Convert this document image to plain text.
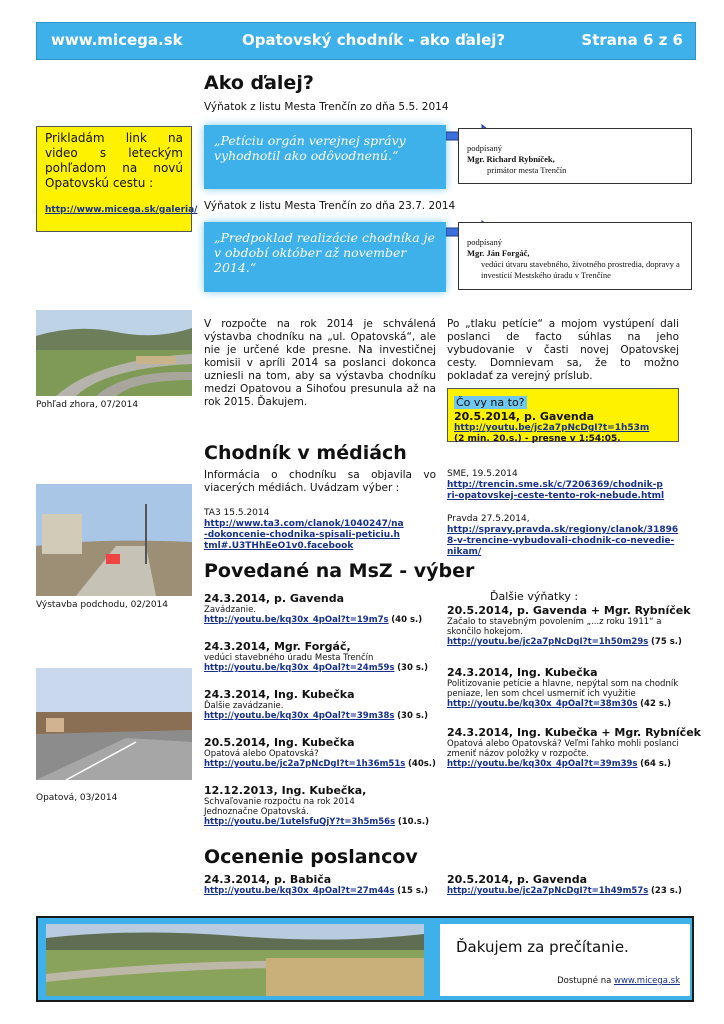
www.micega.sk	Opatovský chodník - ako ďalej?	Strana 6 z 6
Ako ďalej?
Výňatok z listu Mesta Trenčín zo dňa 5.5. 2014
Prikladám link na video s leteckým pohľadom na novú Opatovskú cestu :
http://www.micega.sk/galeria/
„Petíciu orgán verejnej správy vyhodnotil ako odôvodnenú.“	podpísaný
Mgr. Richard Rybníček,
primátor mesta Trenčín
Výňatok z listu Mesta Trenčín zo dňa 23.7. 2014
„Predpoklad realizácie chodníka je v období október až november 2014.“
podpísaný
Mgr. Ján Forgáč,
vedúci útvaru stavebného, životného prostredia, dopravy a investícií Mestského úradu v Trenčíne
Pohľad zhora, 07/2014
V rozpočte na rok 2014 je schválená výstavba chodníku na „ul. Opatovská“, ale nie je určené kde presne. Na investičnej komisii v apríli 2014 sa poslanci dokonca uzniesli na tom, aby sa výstavba chodníku medzi Opatovou a Sihoťou presunula až na rok 2015. Ďakujem.
Po „tlaku petície“ a mojom vystúpení dali poslanci de facto súhlas na jeho vybudovanie v časti novej Opatovskej cesty. Domnievam sa, že to možno pokladať za verejný príslub.
Čo vy na to?
20.5.2014, p. Gavenda
http://youtu.be/jc2a7pNcDgI?t=1h53m
(2 min. 20.s.) - presne v 1:54:05.
Chodník v médiách
Informácia o chodníku sa objavila vo viacerých médiách. Uvádzam výber :
TA3 15.5.2014
http://www.ta3.com/clanok/1040247/na-dokoncenie-chodnika-spisali-peticiu.html#.U3THhEeO1v0.facebook
SME, 19.5.2014
http://trencin.sme.sk/c/7206369/chodnik-pri-opatovskej-ceste-tento-rok-nebude.html
Pravda 27.5.2014,
http://spravy.pravda.sk/regiony/clanok/318968-v-trencine-vybudovali-chodnik-co-nevedie-nikam/
Výstavba podchodu, 02/2014
Povedané na MsZ - výber
24.3.2014, p. Gavenda
Zavádzanie.
http://youtu.be/kq30x_4pOal?t=19m7s (40 s.)
24.3.2014, Mgr. Forgáč,
vedúci stavebného úradu Mesta Trenčín
http://youtu.be/kq30x_4pOal?t=24m59s (30 s.)
24.3.2014, Ing. Kubečka
Ďalšie zavádzanie.
http://youtu.be/kq30x_4pOal?t=39m38s (30 s.)
20.5.2014, Ing. Kubečka
Opatová alebo Opatovská?
http://youtu.be/jc2a7pNcDgI?t=1h36m51s (40s.)
12.12.2013, Ing. Kubečka,
Schvaľovanie rozpočtu na rok 2014 Jednoznačne Opatovská.
http://youtu.be/1utelsfuQjY?t=3h5m56s (10.s.)
Ďalšie výňatky :
20.5.2014, p. Gavenda + Mgr. Rybníček
Začalo to stavebným povolením „...z roku 1911“ a skončilo hokejom.
http://youtu.be/jc2a7pNcDgI?t=1h50m29s (75 s.)
24.3.2014, Ing. Kubečka
Politizovanie petície a hlavne, nepýtal som na chodník peniaze, len som chcel usmerniť ich využitie
http://youtu.be/kq30x_4pOal?t=38m30s (42 s.)
24.3.2014, Ing. Kubečka + Mgr. Rybníček
Opatová alebo Opatovská? Veľmi ľahko mohli poslanci zmeniť názov položky v rozpočte.
http://youtu.be/kq30x_4pOal?t=39m39s (64 s.)
Opatová, 03/2014
Ocenenie poslancov
24.3.2014, p. Babiča
http://youtu.be/kq30x_4pOal?t=27m44s (15 s.)
20.5.2014, p. Gavenda
http://youtu.be/jc2a7pNcDgI?t=1h49m57s (23 s.)
Ďakujem za prečítanie.
Dostupné na www.micega.sk
